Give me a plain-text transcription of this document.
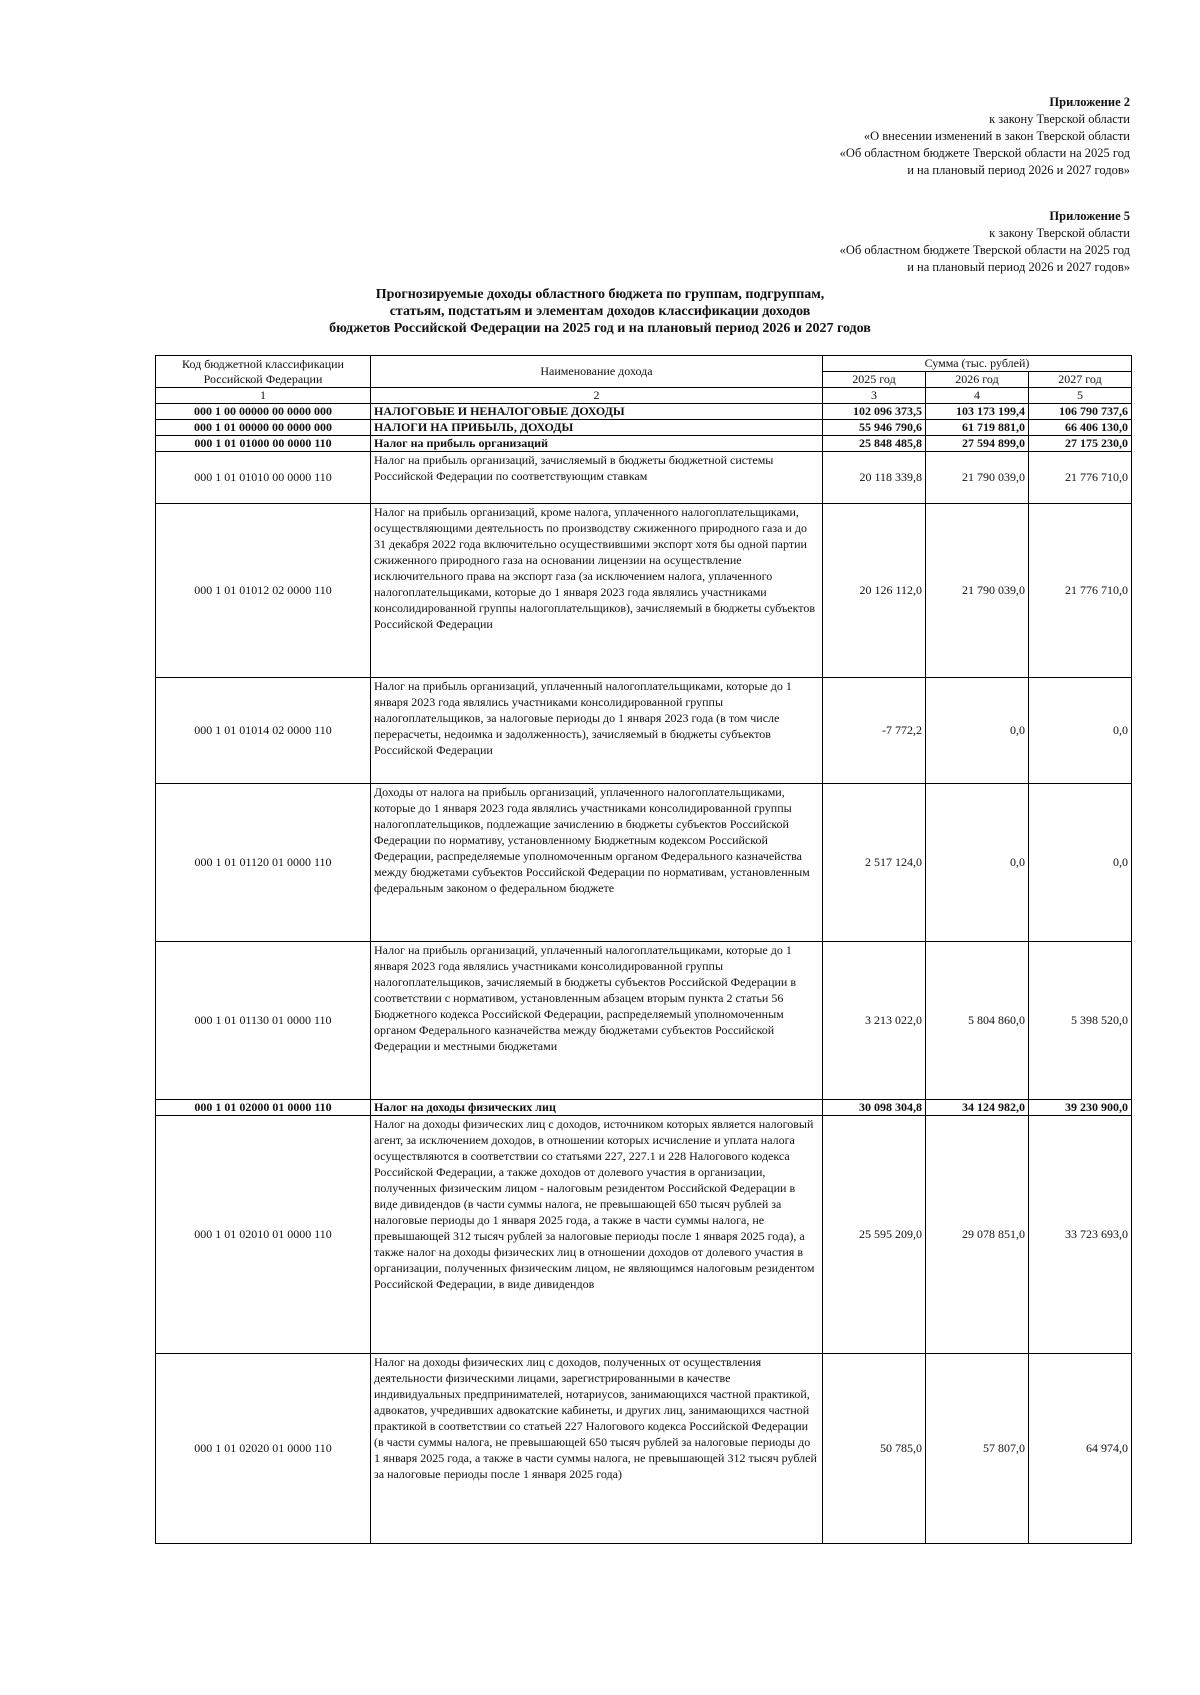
Приложение 2
к закону Тверской области
«О внесении изменений в закон Тверской области
«Об областном бюджете Тверской области на 2025 год
и на плановый период 2026 и 2027 годов»
Приложение 5
к закону Тверской области
«Об областном бюджете Тверской области на 2025 год
и на плановый период 2026 и 2027 годов»
Прогнозируемые доходы областного бюджета по группам, подгруппам,
статьям, подстатьям и элементам доходов классификации доходов
бюджетов Российской Федерации на 2025 год и на плановый период 2026 и 2027 годов
Код бюджетной классификации Российской Федерации	Наименование дохода	Сумма (тыс. рублей)		
		2025 год	2026 год	2027 год
1	2	3	4	5
000 1 00 00000 00 0000 000	НАЛОГОВЫЕ И НЕНАЛОГОВЫЕ ДОХОДЫ	102 096 373,5	103 173 199,4	106 790 737,6
000 1 01 00000 00 0000 000	НАЛОГИ НА ПРИБЫЛЬ, ДОХОДЫ	55 946 790,6	61 719 881,0	66 406 130,0
000 1 01 01000 00 0000 110	Налог на прибыль организаций	25 848 485,8	27 594 899,0	27 175 230,0
000 1 01 01010 00 0000 110	Налог на прибыль организаций, зачисляемый в бюджеты бюджетной системы Российской Федерации по соответствующим ставкам	20 118 339,8	21 790 039,0	21 776 710,0
000 1 01 01012 02 0000 110	Налог на прибыль организаций, кроме налога, уплаченного налогоплательщиками, осуществляющими деятельность по производству сжиженного природного газа и до 31 декабря 2022 года включительно осуществившими экспорт хотя бы одной партии сжиженного природного газа на основании лицензии на осуществление исключительного права на экспорт газа (за исключением налога, уплаченного налогоплательщиками, которые до 1 января 2023 года являлись участниками консолидированной группы налогоплательщиков), зачисляемый в бюджеты субъектов Российской Федерации	20 126 112,0	21 790 039,0	21 776 710,0
000 1 01 01014 02 0000 110	Налог на прибыль организаций, уплаченный налогоплательщиками, которые до 1 января 2023 года являлись участниками консолидированной группы налогоплательщиков, за налоговые периоды до 1 января 2023 года (в том числе перерасчеты, недоимка и задолженность), зачисляемый в бюджеты субъектов Российской Федерации	-7 772,2	0,0	0,0
000 1 01 01120 01 0000 110	Доходы от налога на прибыль организаций, уплаченного налогоплательщиками, которые до 1 января 2023 года являлись участниками консолидированной группы налогоплательщиков, подлежащие зачислению в бюджеты субъектов Российской Федерации по нормативу, установленному Бюджетным кодексом Российской Федерации, распределяемые уполномоченным органом Федерального казначейства между бюджетами субъектов Российской Федерации по нормативам, установленным федеральным законом о федеральном бюджете	2 517 124,0	0,0	0,0
000 1 01 01130 01 0000 110	Налог на прибыль организаций, уплаченный налогоплательщиками, которые до 1 января 2023 года являлись участниками консолидированной группы налогоплательщиков, зачисляемый в бюджеты субъектов Российской Федерации в соответствии с нормативом, установленным абзацем вторым пункта 2 статьи 56 Бюджетного кодекса Российской Федерации, распределяемый уполномоченным органом Федерального казначейства между бюджетами субъектов Российской Федерации и местными бюджетами	3 213 022,0	5 804 860,0	5 398 520,0
000 1 01 02000 01 0000 110	Налог на доходы физических лиц	30 098 304,8	34 124 982,0	39 230 900,0
000 1 01 02010 01 0000 110	Налог на доходы физических лиц с доходов, источником которых является налоговый агент, за исключением доходов, в отношении которых исчисление и уплата налога осуществляются в соответствии со статьями 227, 227.1 и 228 Налогового кодекса Российской Федерации, а также доходов от долевого участия в организации, полученных физическим лицом - налоговым резидентом Российской Федерации в виде дивидендов (в части суммы налога, не превышающей 650 тысяч рублей за налоговые периоды до 1 января 2025 года, а также в части суммы налога, не превышающей 312 тысяч рублей за налоговые периоды после 1 января 2025 года), а также налог на доходы физических лиц в отношении доходов от долевого участия в организации, полученных физическим лицом, не являющимся налоговым резидентом Российской Федерации, в виде дивидендов	25 595 209,0	29 078 851,0	33 723 693,0
000 1 01 02020 01 0000 110	Налог на доходы физических лиц с доходов, полученных от осуществления деятельности физическими лицами, зарегистрированными в качестве индивидуальных предпринимателей, нотариусов, занимающихся частной практикой, адвокатов, учредивших адвокатские кабинеты, и других лиц, занимающихся частной практикой в соответствии со статьей 227 Налогового кодекса Российской Федерации (в части суммы налога, не превышающей 650 тысяч рублей за налоговые периоды до 1 января 2025 года, а также в части суммы налога, не превышающей 312 тысяч рублей за налоговые периоды после 1 января 2025 года)	50 785,0	57 807,0	64 974,0
